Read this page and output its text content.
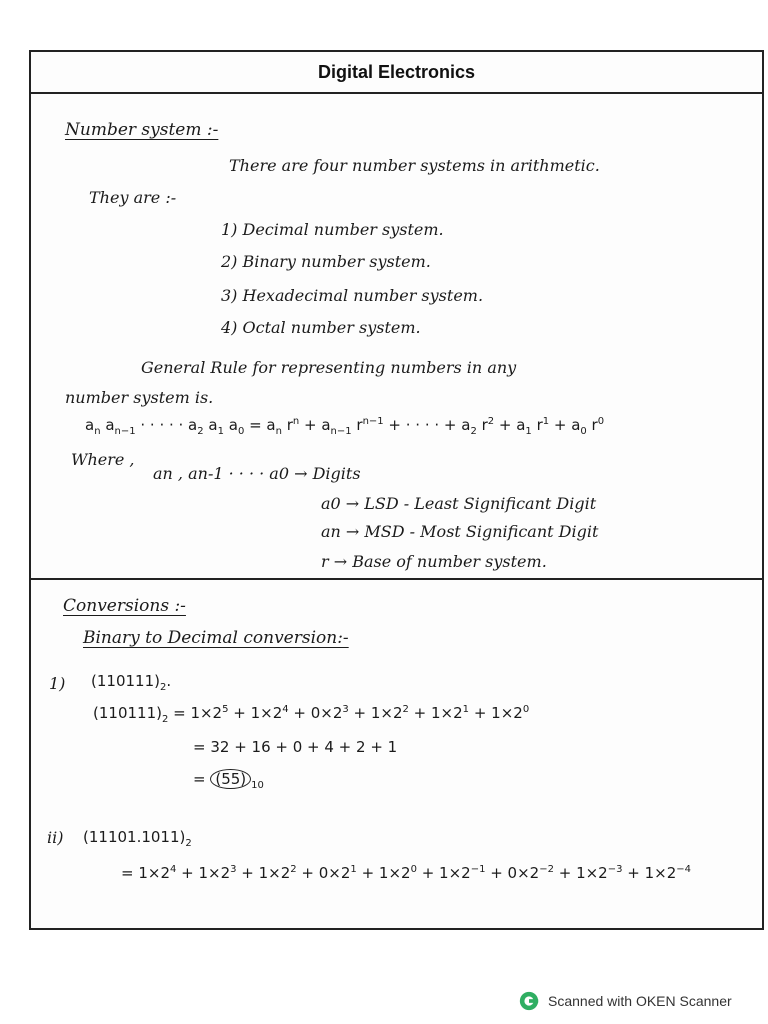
Digital Electronics
Number system :-
There are four number systems in arithmetic.
They are :-
1) Decimal number system.
2) Binary number system.
3) Hexadecimal number system.
4) Octal number system.
General Rule for representing numbers in any
number system is.
$a_n$ $a_{n-1}$ · · · · · $a_2$ $a_1$ $a_0 = a_n$ $r^n + a_{n-1}$ $r^{n-1}$ + · · · · + $a_2$ $r^2 + a_1$ $r^1 + a_0$ $r^0$
Where ,
an , an-1 · · · · a0 → Digits
a0 → LSD - Least Significant Digit
an → MSD - Most Significant Digit
r → Base of number system.
Conversions :-
Binary to Decimal conversion:-
1) $(110111)_2$.
$(110111)_2 = 1\times 2^5 + 1\times 2^4 + 0\times 2^3 + 1\times 2^2 + 1\times 2^1 + 1\times 2^0$
= 32 + 16 + 0 + 4 + 2 + 1
= (55) $_{10}$
ii) $(11101.1011)_2$
= $1\times 2^4 + 1\times 2^3 + 1\times 2^2 + 0\times 2^1 + 1\times 2^0 + 1\times 2^{-1} + 0\times 2^{-2} + 1\times 2^{-3} + 1\times 2^{-4}$
Scanned with OKEN Scanner
